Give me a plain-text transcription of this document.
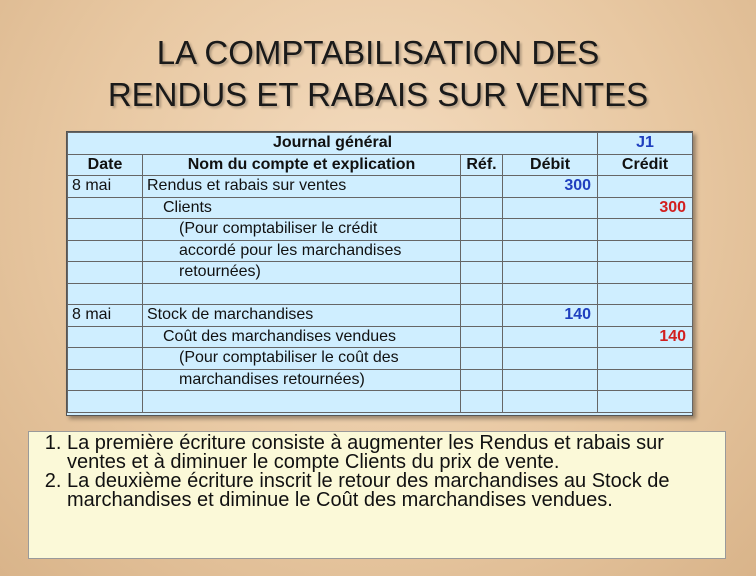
LA COMPTABILISATION DES
RENDUS ET RABAIS SUR VENTES
Journal général				J1
Date	Nom du compte et explication	Réf.	Débit	Crédit
8 mai	Rendus et rabais sur ventes		300	
	Clients			300
	(Pour comptabiliser le crédit			
	accordé pour les marchandises			
	retournées)			

8 mai	Stock de marchandises		140	
	Coût des marchandises vendues			140
	(Pour comptabiliser le coût des			
	marchandises retournées)			

1. La première écriture consiste à augmenter les Rendus et rabais sur ventes et à diminuer le compte Clients du prix de vente.
2. La deuxième écriture inscrit le retour des marchandises au Stock de marchandises et diminue le Coût des marchandises vendues.
